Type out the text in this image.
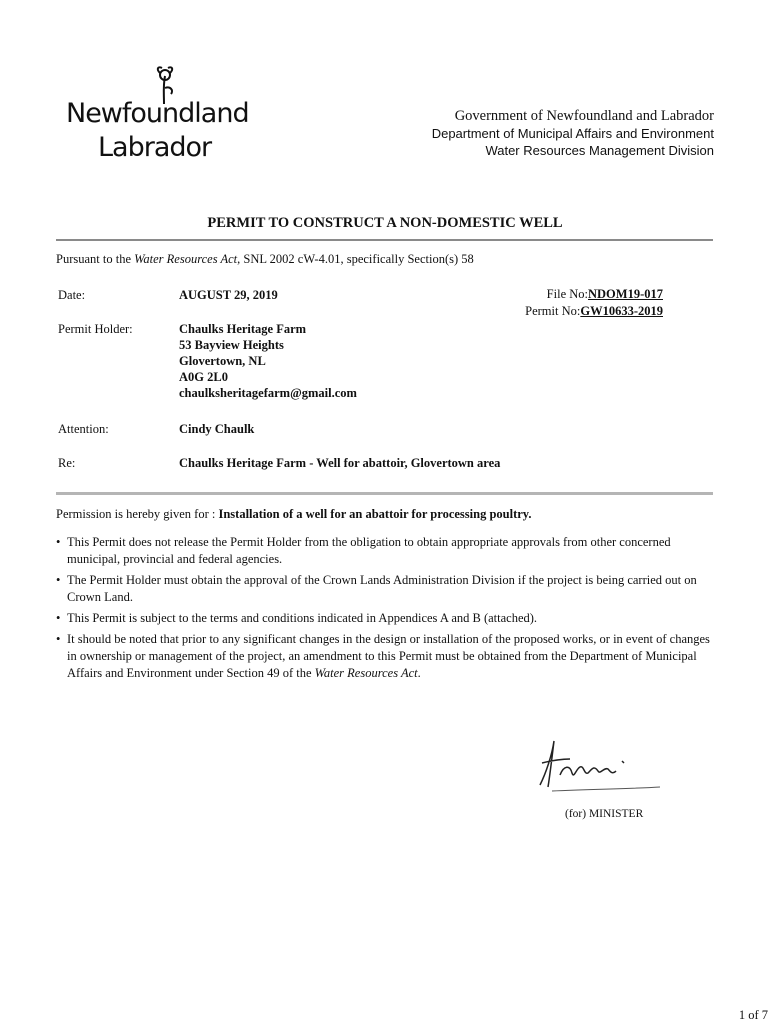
Newfoundland
Labrador
Government of Newfoundland and Labrador
Department of Municipal Affairs and Environment
Water Resources Management Division
PERMIT TO CONSTRUCT A NON-DOMESTIC WELL
Pursuant to the Water Resources Act, SNL 2002 cW-4.01, specifically Section(s) 58
Date:	AUGUST 29, 2019	File No:NDOM19-017
Permit No:GW10633-2019
Permit Holder:	Chaulks Heritage Farm
53 Bayview Heights
Glovertown, NL
A0G 2L0
chaulksheritagefarm@gmail.com
Attention:	Cindy Chaulk
Re:	Chaulks Heritage Farm - Well for abattoir, Glovertown area
Permission is hereby given for : Installation of a well for an abattoir for processing poultry.
• This Permit does not release the Permit Holder from the obligation to obtain appropriate approvals from other concerned municipal, provincial and federal agencies.
• The Permit Holder must obtain the approval of the Crown Lands Administration Division if the project is being carried out on Crown Land.
• This Permit is subject to the terms and conditions indicated in Appendices A and B (attached).
• It should be noted that prior to any significant changes in the design or installation of the proposed works, or in event of changes in ownership or management of the project, an amendment to this Permit must be obtained from the Department of Municipal Affairs and Environment under Section 49 of the Water Resources Act.
(for) MINISTER
1 of 7
